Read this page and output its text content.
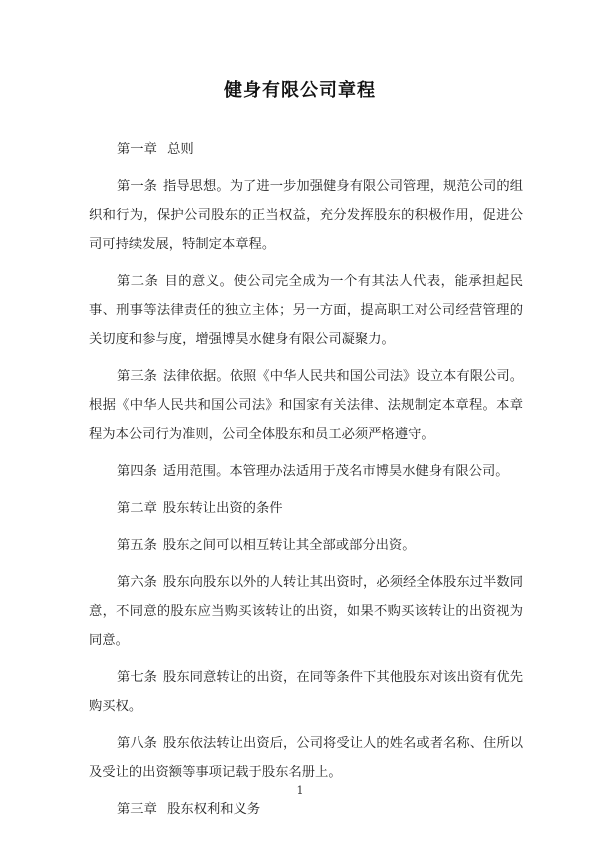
健身有限公司章程

第一章 总则

第一条 指导思想。为了进一步加强健身有限公司管理，规范公司的组织和行为，保护公司股东的正当权益，充分发挥股东的积极作用，促进公司可持续发展，特制定本章程。

第二条 目的意义。使公司完全成为一个有其法人代表，能承担起民事、刑事等法律责任的独立主体；另一方面，提高职工对公司经营管理的关切度和参与度，增强博昊水健身有限公司凝聚力。

第三条 法律依据。依照《中华人民共和国公司法》设立本有限公司。根据《中华人民共和国公司法》和国家有关法律、法规制定本章程。本章程为本公司行为准则，公司全体股东和员工必须严格遵守。

第四条 适用范围。本管理办法适用于茂名市博昊水健身有限公司。

第二章 股东转让出资的条件

第五条 股东之间可以相互转让其全部或部分出资。

第六条 股东向股东以外的人转让其出资时，必须经全体股东过半数同意，不同意的股东应当购买该转让的出资，如果不购买该转让的出资视为同意。

第七条 股东同意转让的出资，在同等条件下其他股东对该出资有优先购买权。

第八条 股东依法转让出资后，公司将受让人的姓名或者名称、住所以及受让的出资额等事项记载于股东名册上。

第三章 股东权利和义务

1
